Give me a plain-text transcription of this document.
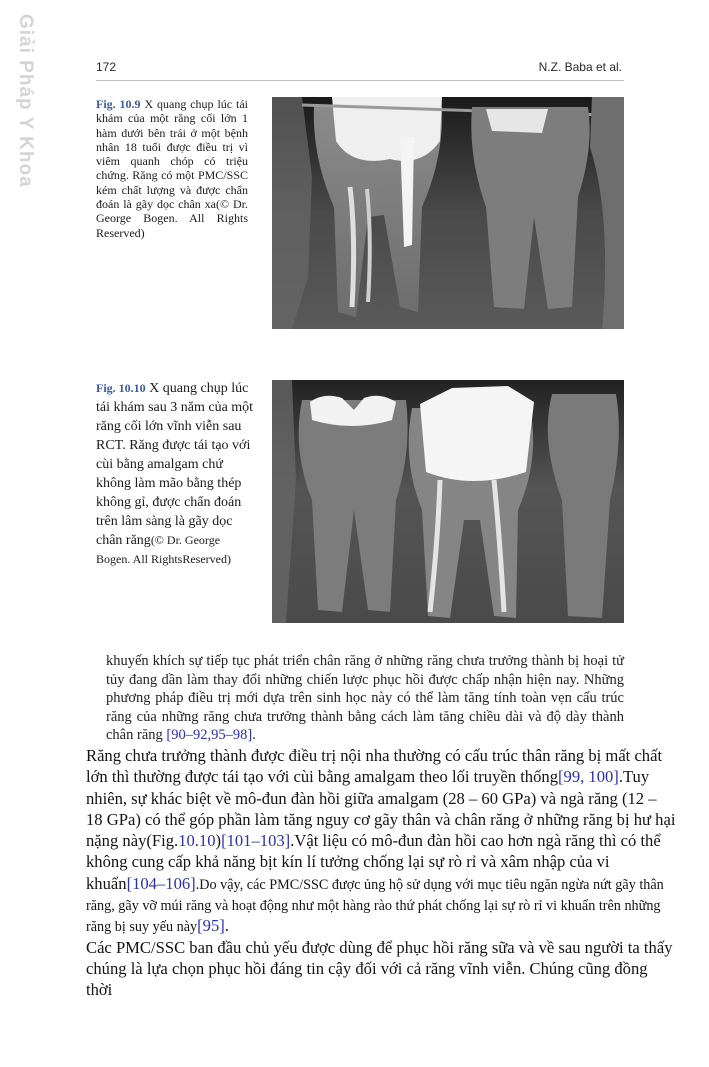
Giải Pháp Y Khoa	172	N.Z. Baba et al.
Fig. 10.9 X quang chụp lúc tái khám của một răng cối lớn 1 hàm dưới bên trái ở một bệnh nhân 18 tuổi được điều trị vì viêm quanh chóp có triệu chứng. Răng có một PMC/SSC kém chất lượng và được chẩn đoán là gãy dọc chân xa(© Dr. George Bogen. All Rights Reserved)
Fig. 10.10 X quang chụp lúc tái khám sau 3 năm của một răng cối lớn vĩnh viễn sau RCT. Răng được tái tạo với cùi bằng amalgam chứ không làm mão bằng thép không gỉ, được chẩn đoán trên lâm sàng là gãy dọc chân răng(© Dr. George Bogen. All RightsReserved)
khuyến khích sự tiếp tục phát triển chân răng ở những răng chưa trưởng thành bị hoại tử tủy đang dần làm thay đổi những chiến lược phục hồi được chấp nhận hiện nay. Những phương pháp điều trị mới dựa trên sinh học này có thể làm tăng tính toàn vẹn cấu trúc răng của những răng chưa trưởng thành bằng cách làm tăng chiều dài và độ dày thành chân răng [90–92,95–98].
Răng chưa trưởng thành được điều trị nội nha thường có cấu trúc thân răng bị mất chất lớn thì thường được tái tạo với cùi bằng amalgam theo lối truyền thống[99, 100].Tuy nhiên, sự khác biệt về mô-đun đàn hồi giữa amalgam (28 – 60 GPa) và ngà răng (12 – 18 GPa) có thể góp phần làm tăng nguy cơ gãy thân và chân răng ở những răng bị hư hại nặng này(Fig.10.10)[101–103].Vật liệu có mô-đun đàn hồi cao hơn ngà răng thì có thể không cung cấp khả năng bịt kín lí tưởng chống lại sự rò rỉ và xâm nhập của vi khuẩn[104–106].Do vậy, các PMC/SSC được ủng hộ sử dụng với mục tiêu ngăn ngừa nứt gãy thân răng, gãy vỡ múi răng và hoạt động như một hàng rào thứ phát chống lại sự rò rỉ vi khuẩn trên những
răng bị suy yếu này[95].
Các PMC/SSC ban đầu chủ yếu được dùng để phục hồi răng sữa và về sau người ta thấy chúng là lựa chọn phục hồi đáng tin cậy đối với cả răng vĩnh viễn. Chúng cũng đồng thời
